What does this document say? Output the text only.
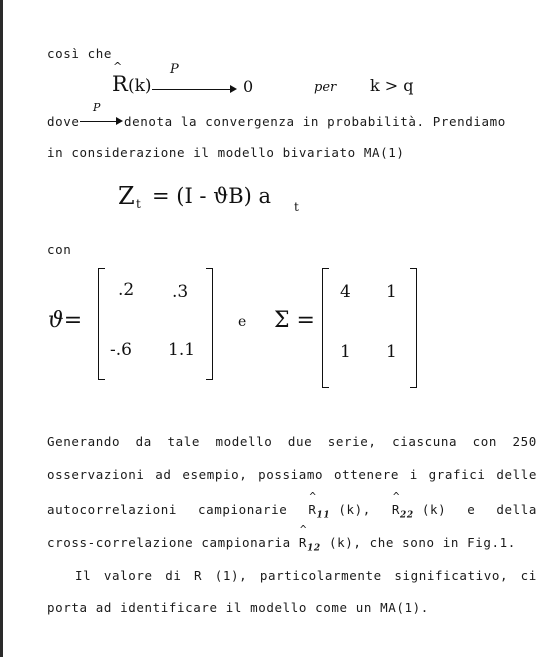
così che
^ R (k)
P
0	per k > q
dove
P
denota la convergenza in probabilità. Prendiamo
in considerazione il modello bivariato MA(1)
Z t = (I - ϑB) a t
con
ϑ=
.2 .3
-.6 1.1
e Σ =
4 1
1 1
Generando da tale modello due serie, ciascuna con 250
osservazioni ad esempio, possiamo ottenere i grafici delle
autocorrelazioni campionarie ^ $R_{11}$ (k), ^ $R_{22}$ (k) e della
cross-correlazione campionaria ^ $R_{12}$ (k), che sono in Fig.1.
Il valore di R (1), particolarmente significativo, ci
porta ad identificare il modello come un MA(1).
